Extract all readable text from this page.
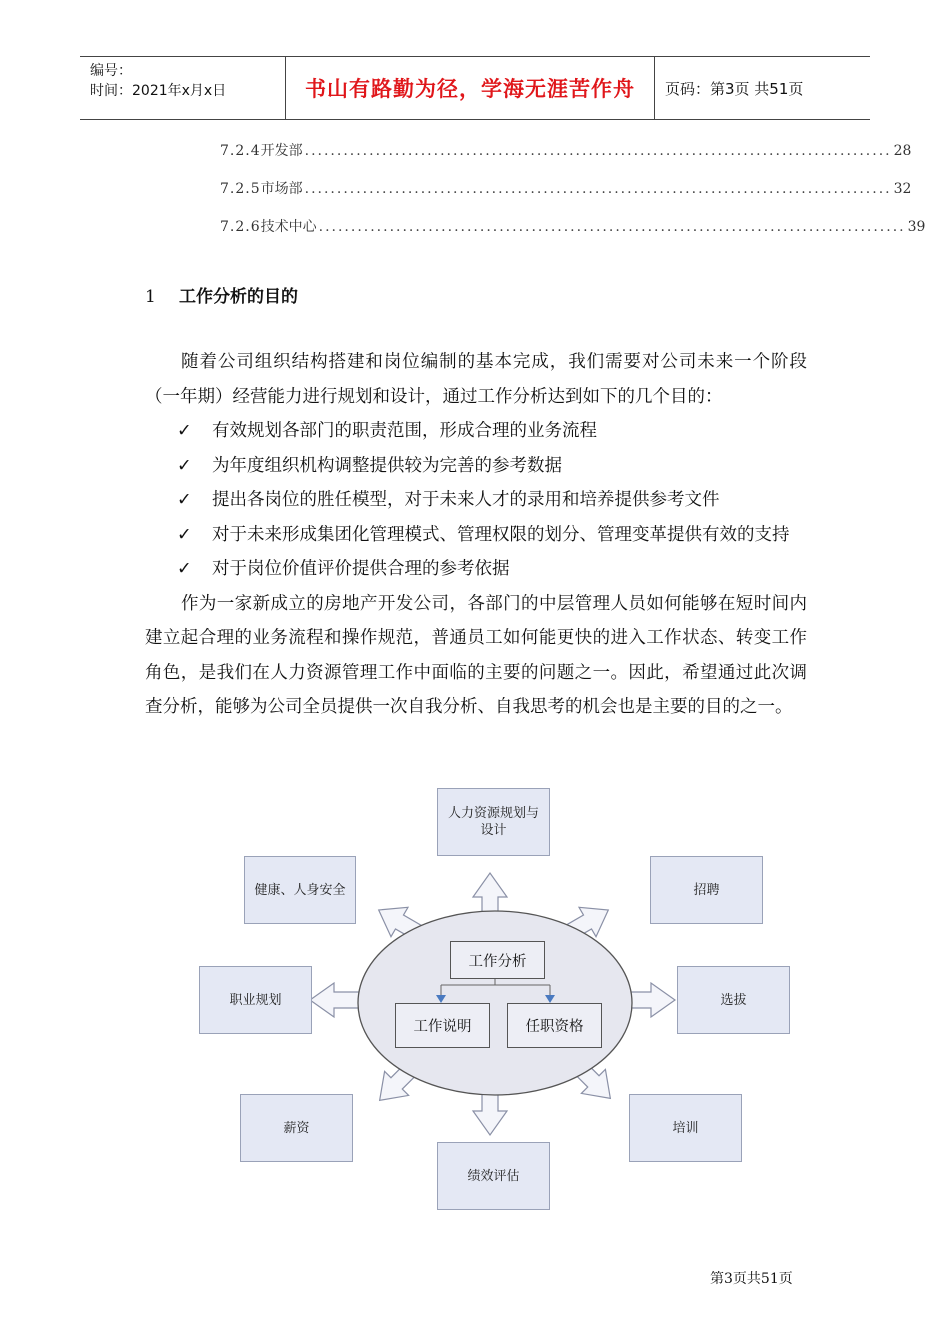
编号：
时间：2021年x月x日	书山有路勤为径，学海无涯苦作舟	页码：第3页 共51页
7.2.4 开发部 ........................................................................................... 28
7.2.5 市场部 ........................................................................................... 32
7.2.6 技术中心 ........................................................................................... 39
1 工作分析的目的

随着公司组织结构搭建和岗位编制的基本完成，我们需要对公司未来一个阶段（一年期）经营能力进行规划和设计，通过工作分析达到如下的几个目的：

✓	有效规划各部门的职责范围，形成合理的业务流程
✓	为年度组织机构调整提供较为完善的参考数据
✓	提出各岗位的胜任模型，对于未来人才的录用和培养提供参考文件
✓	对于未来形成集团化管理模式、管理权限的划分、管理变革提供有效的支持
✓	对于岗位价值评价提供合理的参考依据

作为一家新成立的房地产开发公司，各部门的中层管理人员如何能够在短时间内建立起合理的业务流程和操作规范，普通员工如何能更快的进入工作状态、转变工作角色，是我们在人力资源管理工作中面临的主要的问题之一。因此，希望通过此次调查分析，能够为公司全员提供一次自我分析、自我思考的机会也是主要的目的之一。

工作分析
工作说明	任职资格
人力资源规划与设计
健康、人身安全	招聘
职业规划	选拔
薪资
绩效评估
培训
第3页共51页
